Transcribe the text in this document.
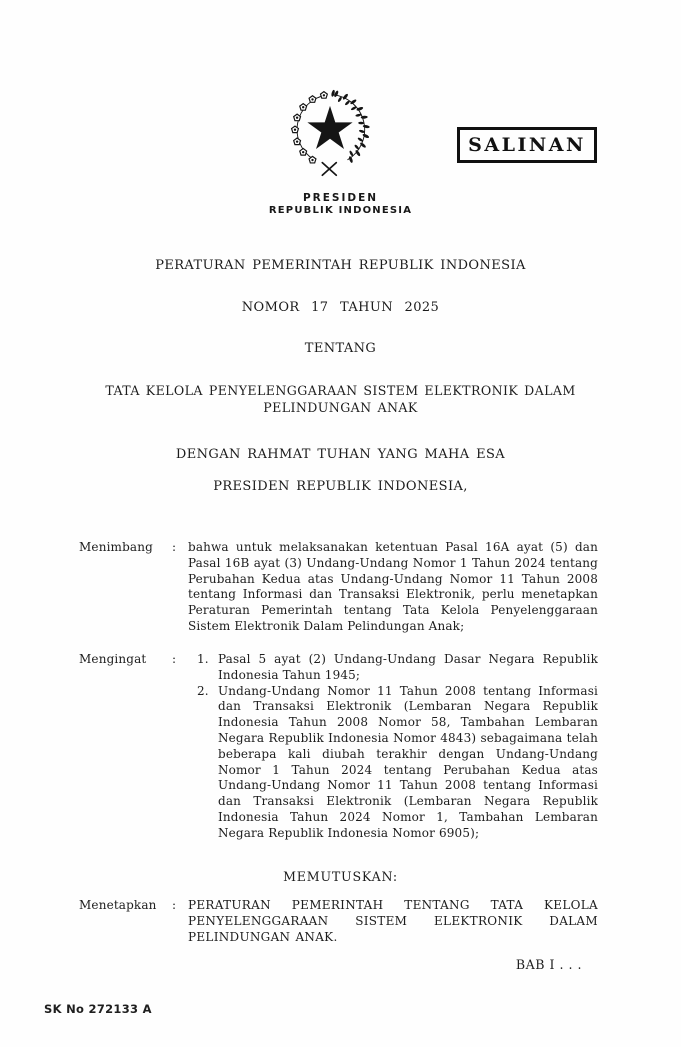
PRESIDEN
REPUBLIK INDONESIA
SALINAN
PERATURAN PEMERINTAH REPUBLIK INDONESIA
NOMOR 17 TAHUN 2025
TENTANG
TATA KELOLA PENYELENGGARAAN SISTEM ELEKTRONIK DALAM PELINDUNGAN ANAK
DENGAN RAHMAT TUHAN YANG MAHA ESA
PRESIDEN REPUBLIK INDONESIA,
Menimbang	: bahwa untuk melaksanakan ketentuan Pasal 16A ayat (5) dan Pasal 16B ayat (3) Undang-Undang Nomor 1 Tahun 2024 tentang Perubahan Kedua atas Undang-Undang Nomor 11 Tahun 2008 tentang Informasi dan Transaksi Elektronik, perlu menetapkan Peraturan Pemerintah tentang Tata Kelola Penyelenggaraan Sistem Elektronik Dalam Pelindungan Anak;
Mengingat	:	1. Pasal 5 ayat (2) Undang-Undang Dasar Negara Republik Indonesia Tahun 1945;
2. Undang-Undang Nomor 11 Tahun 2008 tentang Informasi dan Transaksi Elektronik (Lembaran Negara Republik Indonesia Tahun 2008 Nomor 58, Tambahan Lembaran Negara Republik Indonesia Nomor 4843) sebagaimana telah beberapa kali diubah terakhir dengan Undang-Undang Nomor 1 Tahun 2024 tentang Perubahan Kedua atas Undang-Undang Nomor 11 Tahun 2008 tentang Informasi dan Transaksi Elektronik (Lembaran Negara Republik Indonesia Tahun 2024 Nomor 1, Tambahan Lembaran Negara Republik Indonesia Nomor 6905);
MEMUTUSKAN:
Menetapkan	: PERATURAN PEMERINTAH TENTANG TATA KELOLA PENYELENGGARAAN SISTEM ELEKTRONIK DALAM PELINDUNGAN ANAK.
BAB I . . .
SK No 272133 A
